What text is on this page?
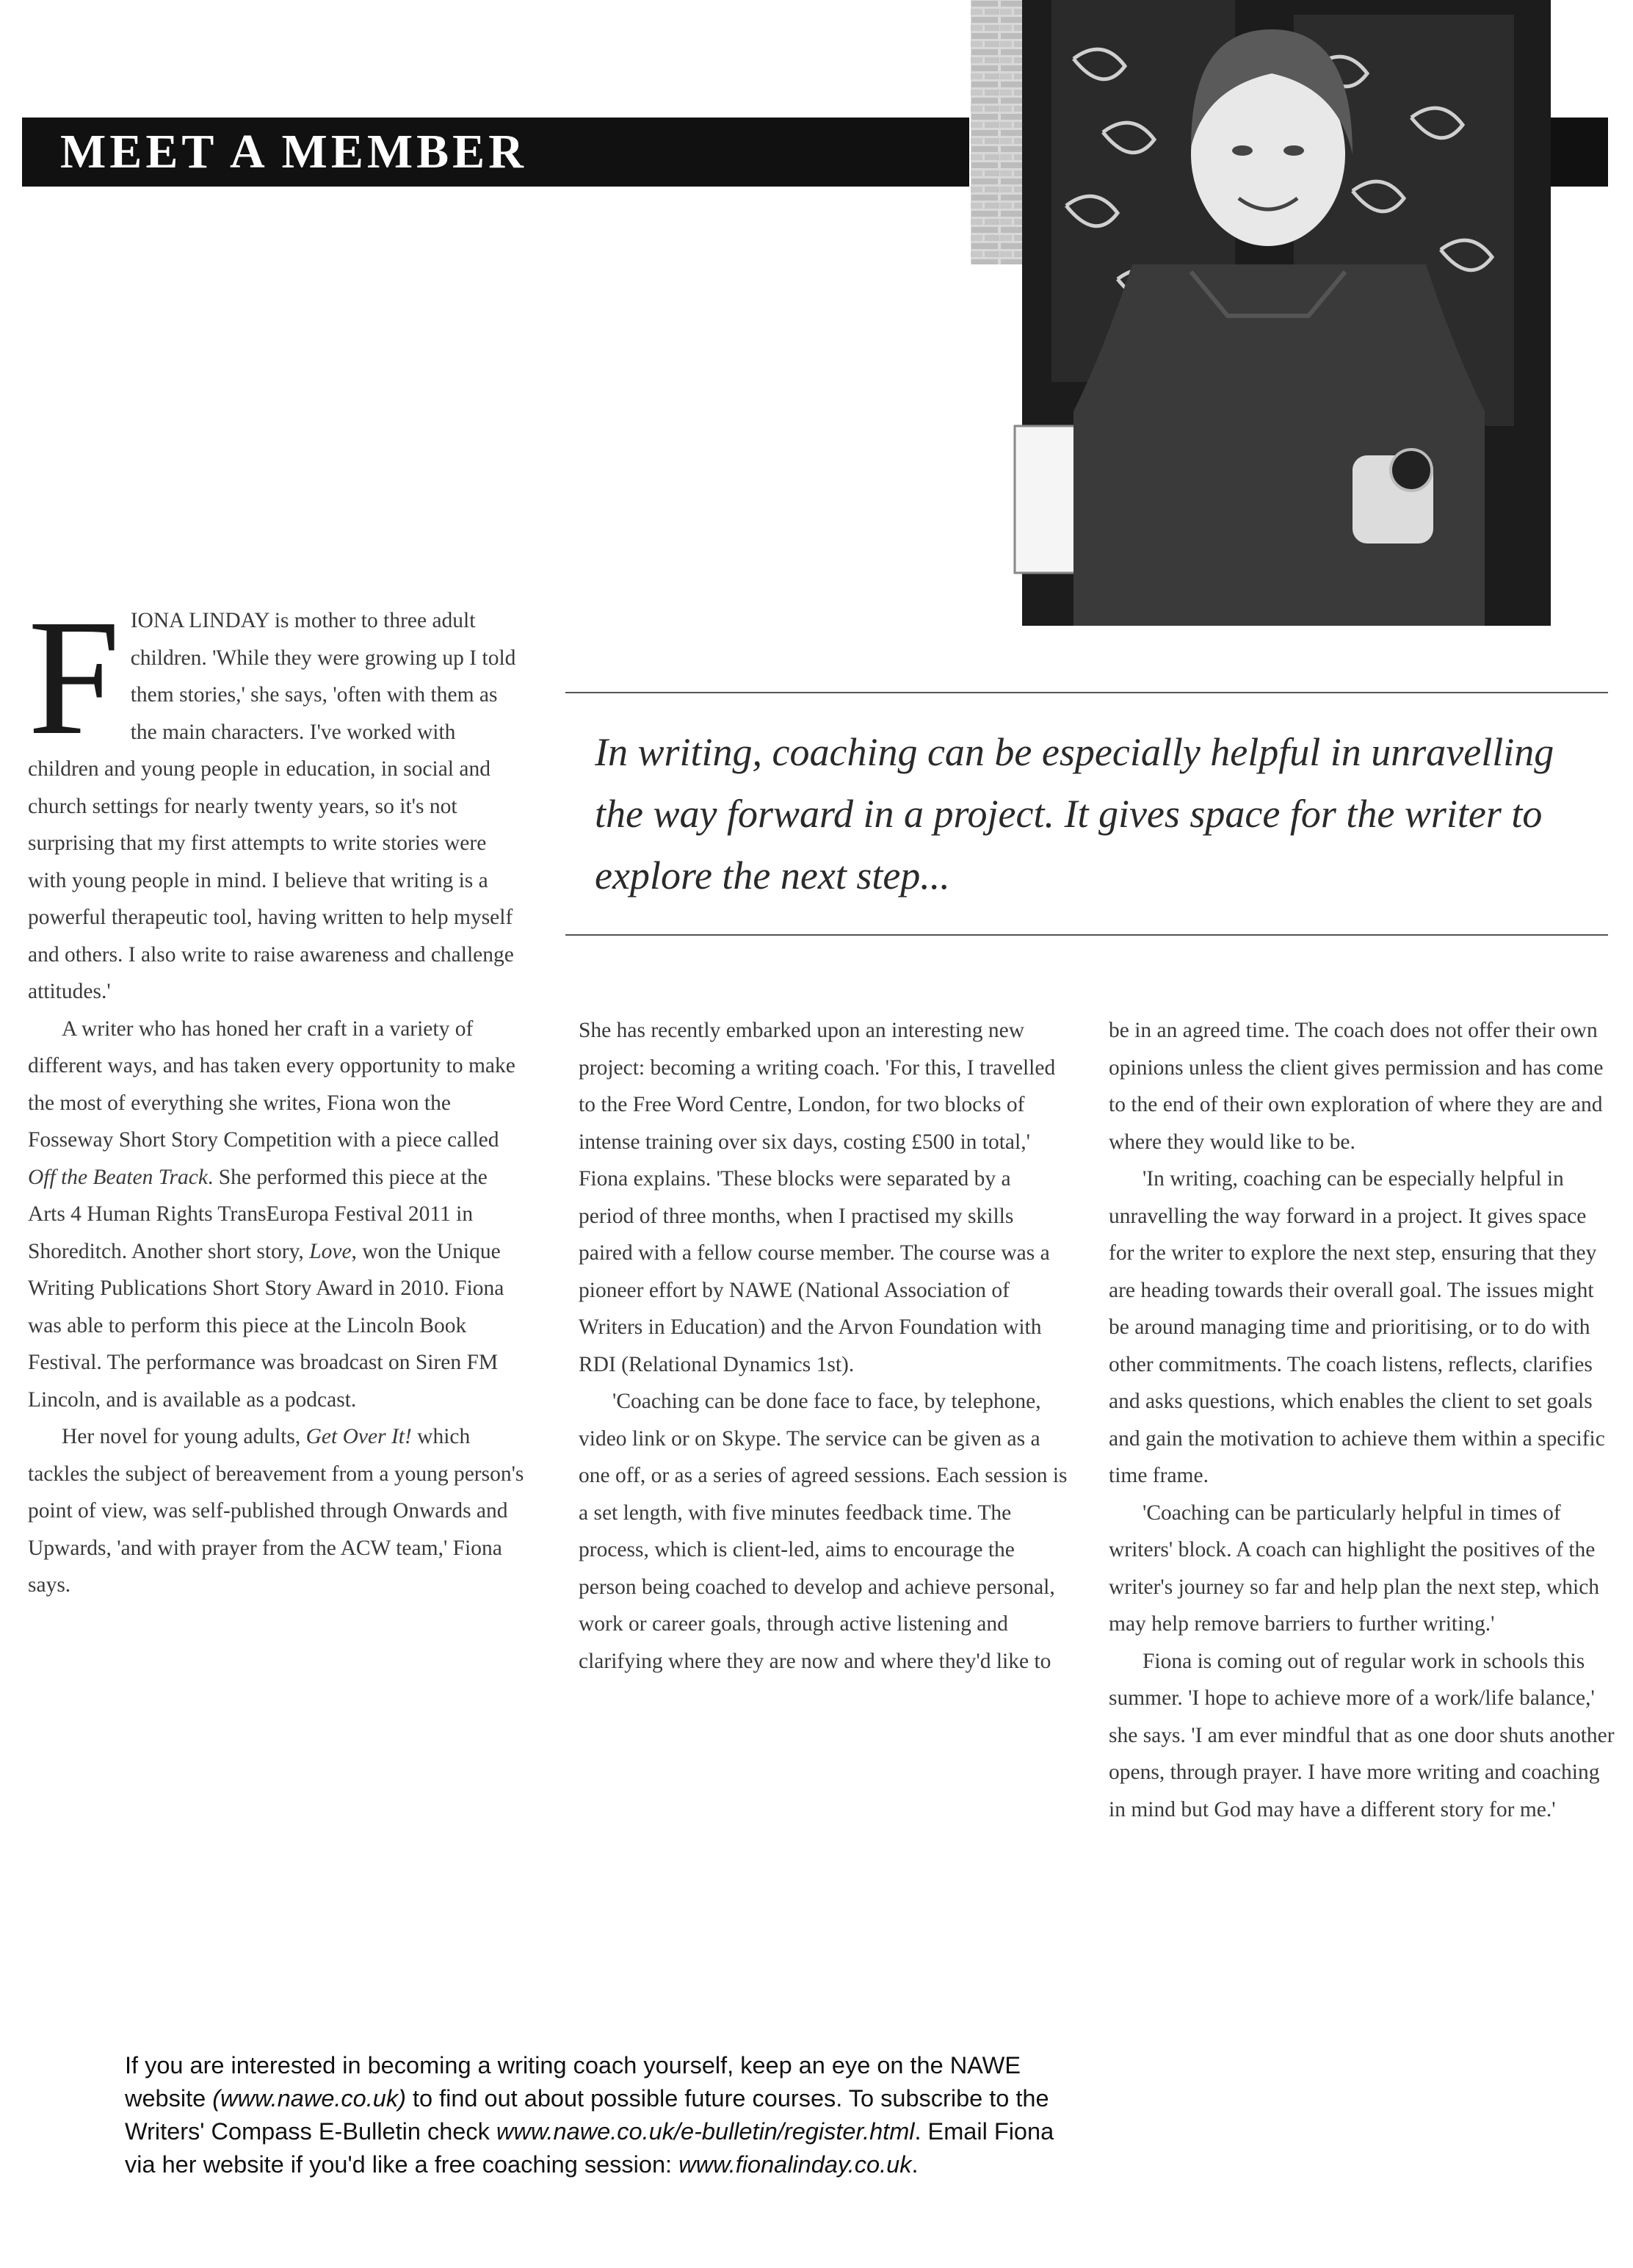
MEET A MEMBER
In writing, coaching can be especially helpful in unravelling the way forward in a project. It gives space for the writer to explore the next step...

F IONA LINDAY is mother to three adult children. 'While they were growing up I told them stories,' she says, 'often with them as the main characters. I've worked with children and young people in education, in social and church settings for nearly twenty years, so it's not surprising that my first attempts to write stories were with young people in mind. I believe that writing is a powerful therapeutic tool, having written to help myself and others. I also write to raise awareness and challenge attitudes.'

A writer who has honed her craft in a variety of different ways, and has taken every opportunity to make the most of everything she writes, Fiona won the Fosseway Short Story Competition with a piece called Off the Beaten Track. She performed this piece at the Arts 4 Human Rights TransEuropa Festival 2011 in Shoreditch. Another short story, Love, won the Unique Writing Publications Short Story Award in 2010. Fiona was able to perform this piece at the Lincoln Book Festival. The performance was broadcast on Siren FM Lincoln, and is available as a podcast.

Her novel for young adults, Get Over It! which tackles the subject of bereavement from a young person's point of view, was self-published through Onwards and Upwards, 'and with prayer from the ACW team,' Fiona says.

She has recently embarked upon an interesting new project: becoming a writing coach. 'For this, I travelled to the Free Word Centre, London, for two blocks of intense training over six days, costing £500 in total,' Fiona explains. 'These blocks were separated by a period of three months, when I practised my skills paired with a fellow course member. The course was a pioneer effort by NAWE (National Association of Writers in Education) and the Arvon Foundation with RDI (Relational Dynamics 1st).

'Coaching can be done face to face, by telephone, video link or on Skype. The service can be given as a one off, or as a series of agreed sessions. Each session is a set length, with five minutes feedback time. The process, which is client-led, aims to encourage the person being coached to develop and achieve personal, work or career goals, through active listening and clarifying where they are now and where they'd like to

be in an agreed time. The coach does not offer their own opinions unless the client gives permission and has come to the end of their own exploration of where they are and where they would like to be.

'In writing, coaching can be especially helpful in unravelling the way forward in a project. It gives space for the writer to explore the next step, ensuring that they are heading towards their overall goal. The issues might be around managing time and prioritising, or to do with other commitments. The coach listens, reflects, clarifies and asks questions, which enables the client to set goals and gain the motivation to achieve them within a specific time frame.

'Coaching can be particularly helpful in times of writers' block. A coach can highlight the positives of the writer's journey so far and help plan the next step, which may help remove barriers to further writing.'

Fiona is coming out of regular work in schools this summer. 'I hope to achieve more of a work/life balance,' she says. 'I am ever mindful that as one door shuts another opens, through prayer. I have more writing and coaching in mind but God may have a different story for me.'

If you are interested in becoming a writing coach yourself, keep an eye on the NAWE website (www.nawe.co.uk) to find out about possible future courses. To subscribe to the Writers' Compass E-Bulletin check www.nawe.co.uk/e-bulletin/register.html. Email Fiona via her website if you'd like a free coaching session: www.fionalinday.co.uk.
